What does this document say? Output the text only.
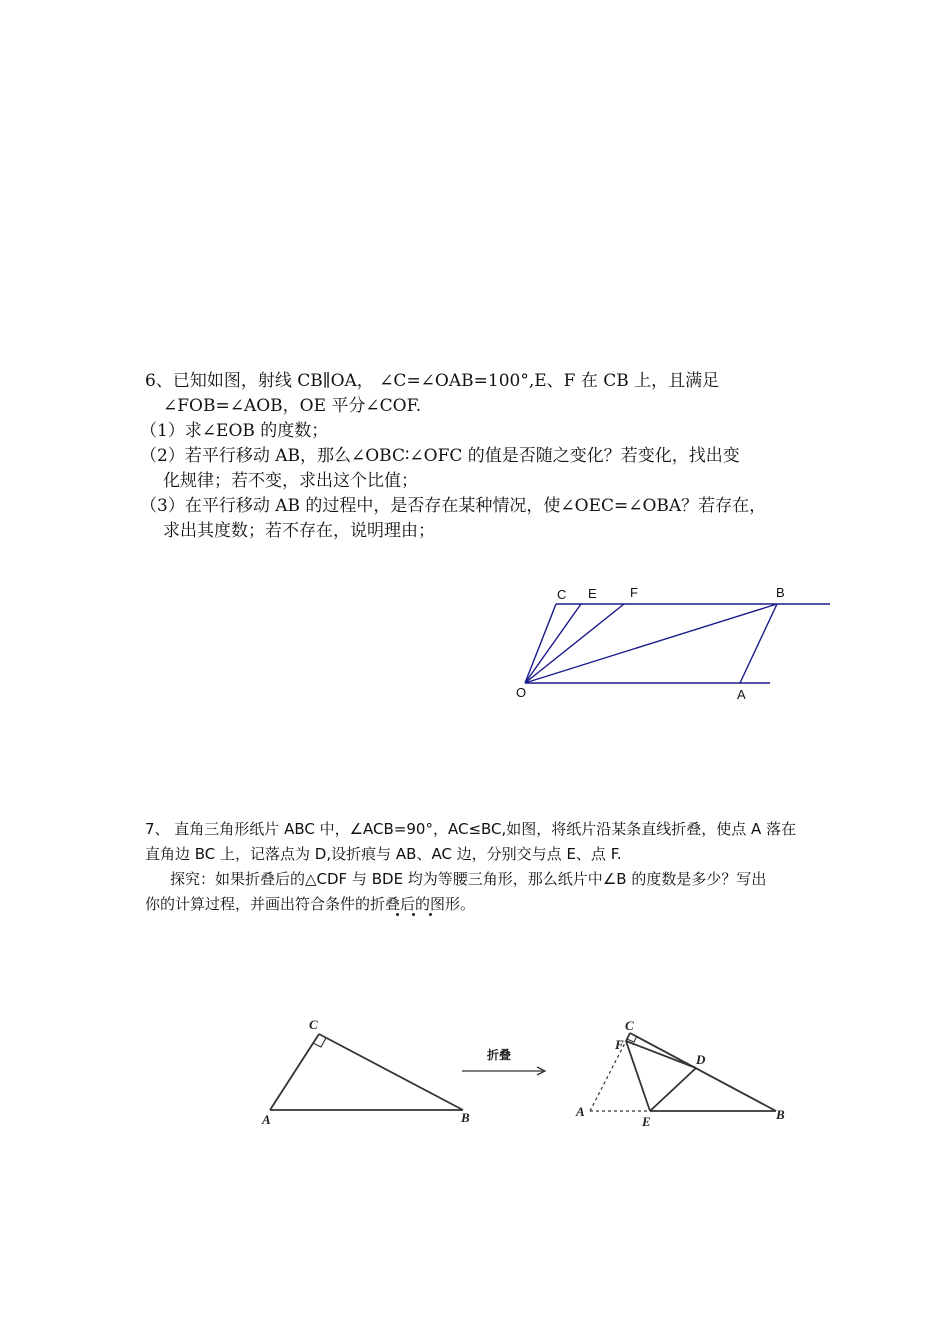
6、已知如图，射线 CB∥OA， ∠C=∠OAB=100°,E、F 在 CB 上，且满足
∠FOB=∠AOB，OE 平分∠COF.
（1）求∠EOB 的度数；
（2）若平行移动 AB，那么∠OBC∶∠OFC 的值是否随之变化？若变化，找出变
化规律；若不变，求出这个比值；
（3）在平行移动 AB 的过程中，是否存在某种情况，使∠OEC=∠OBA？若存在，
求出其度数；若不存在，说明理由；
C E	F	B
O	A
7、 直角三角形纸片 ABC 中，∠ACB=90°，AC≤BC,如图，将纸片沿某条直线折叠，使点 A 落在
直角边 BC 上，记落点为 D,设折痕与 AB、AC 边，分别交与点 E、点 F.
探究：如果折叠后的△CDF 与 BDE 均为等腰三角形，那么纸片中∠B 的度数是多少？写出
你的计算过程，并画出符合条件的折叠后的图形。
C
A	B
折叠
C
F
D
A
E	B
